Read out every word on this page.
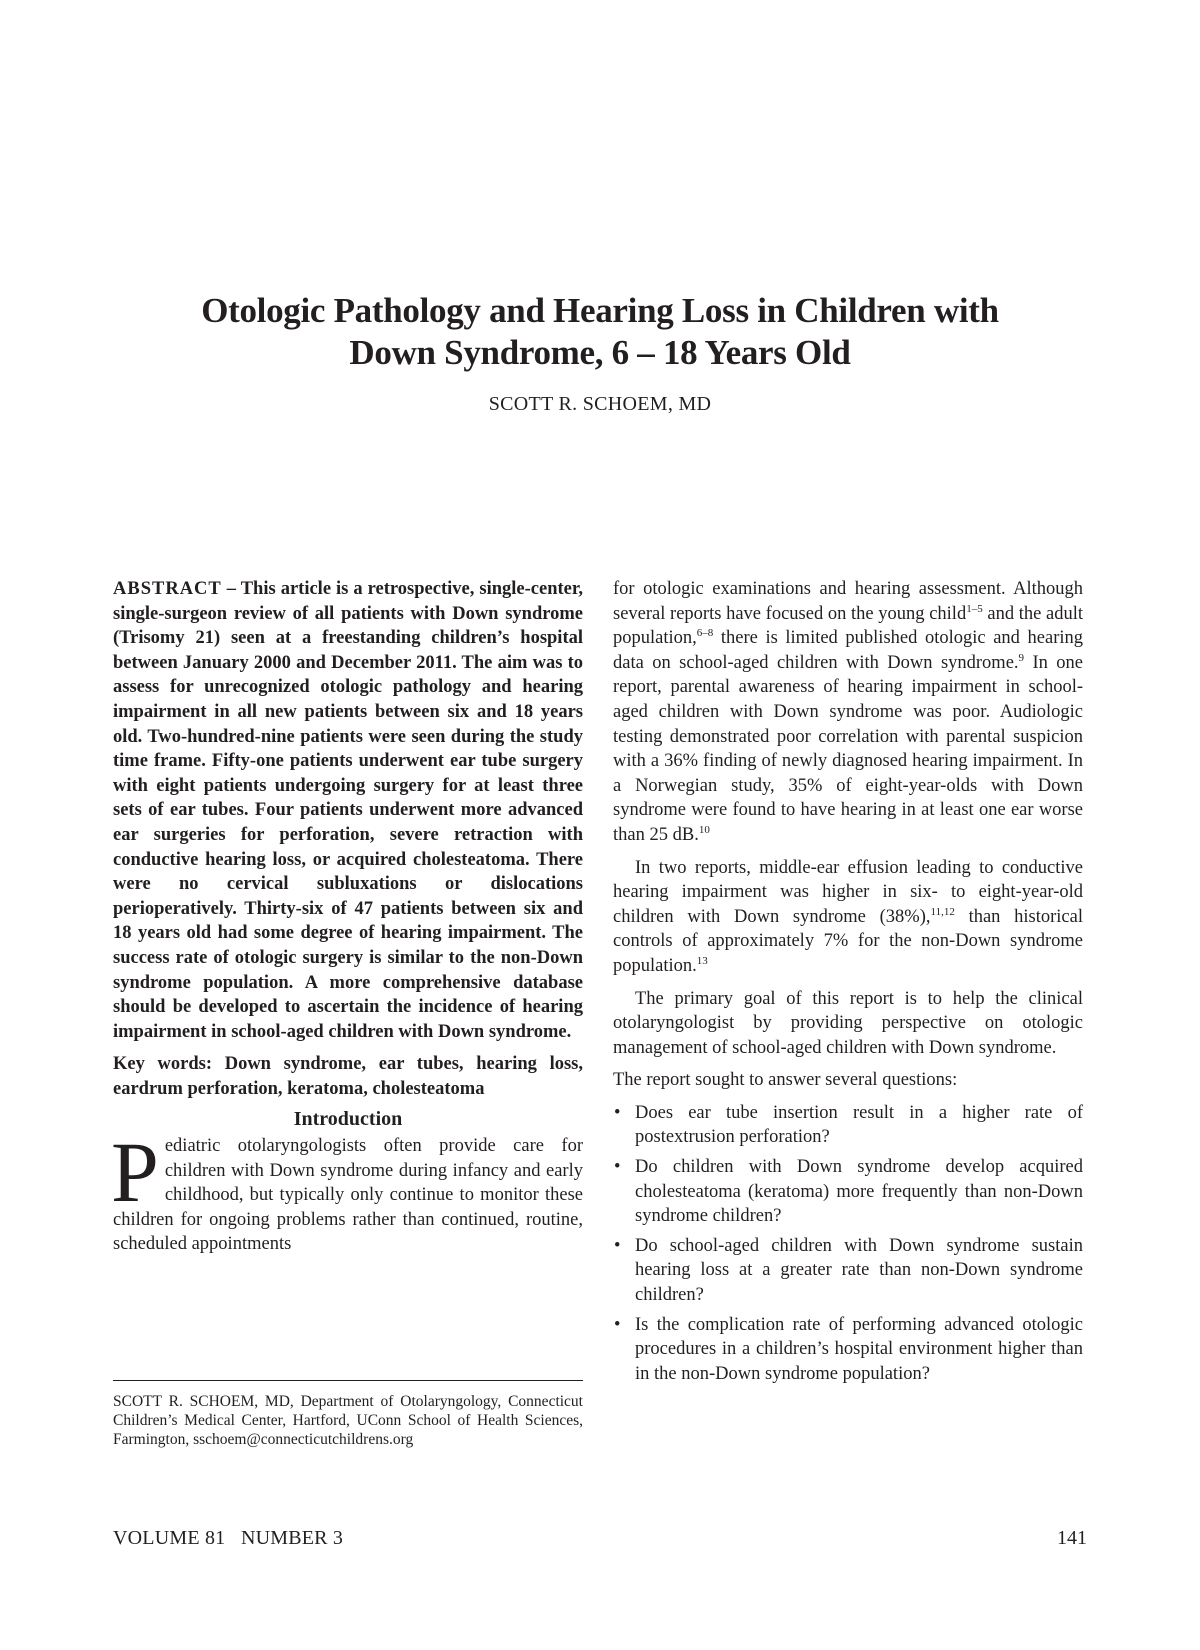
Otologic Pathology and Hearing Loss in Children with
Down Syndrome, 6 – 18 Years Old

SCOTT R. SCHOEM, MD

ABSTRACT – This article is a retrospective, single-center, single-surgeon review of all patients with Down syndrome (Trisomy 21) seen at a freestanding children’s hospital between January 2000 and December 2011. The aim was to assess for unrecognized otologic pathology and hearing impairment in all new patients between six and 18 years old. Two-hundred-nine patients were seen during the study time frame. Fifty-one patients underwent ear tube surgery with eight patients undergoing surgery for at least three sets of ear tubes. Four patients underwent more advanced ear surgeries for perforation, severe retraction with conductive hearing loss, or acquired cholesteatoma. There were no cervical subluxations or dislocations perioperatively. Thirty-six of 47 patients between six and 18 years old had some degree of hearing impairment. The success rate of otologic surgery is similar to the non-Down syndrome population. A more comprehensive database should be developed to ascertain the incidence of hearing impairment in school-aged children with Down syndrome.

Key words: Down syndrome, ear tubes, hearing loss, eardrum perforation, keratoma, cholesteatoma

Introduction

Pediatric otolaryngologists often provide care for children with Down syndrome during infancy and early childhood, but typically only continue to monitor these children for ongoing problems rather than continued, routine, scheduled appointments

for otologic examinations and hearing assessment. Although several reports have focused on the young child$^{1-5}$ and the adult population,$^{6-8}$ there is limited published otologic and hearing data on school-aged children with Down syndrome.$^9$ In one report, parental awareness of hearing impairment in school-aged children with Down syndrome was poor. Audiologic testing demonstrated poor correlation with parental suspicion with a 36% finding of newly diagnosed hearing impairment. In a Norwegian study, 35% of eight-year-olds with Down syndrome were found to have hearing in at least one ear worse than 25 dB.$^{10}$

In two reports, middle-ear effusion leading to conductive hearing impairment was higher in six- to eight-year-old children with Down syndrome (38%),$^{11,12}$ than historical controls of approximately 7% for the non-Down syndrome population.$^{13}$

The primary goal of this report is to help the clinical otolaryngologist by providing perspective on otologic management of school-aged children with Down syndrome.

The report sought to answer several questions:

• Does ear tube insertion result in a higher rate of postextrusion perforation?
• Do children with Down syndrome develop acquired cholesteatoma (keratoma) more frequently than non-Down syndrome children?
• Do school-aged children with Down syndrome sustain hearing loss at a greater rate than non-Down syndrome children?
• Is the complication rate of performing advanced otologic procedures in a children’s hospital environment higher than in the non-Down syndrome population?

SCOTT R. SCHOEM, MD, Department of Otolaryngology, Connecticut Children’s Medical Center, Hartford, UConn School of Health Sciences, Farmington, sschoem@connecticutchildrens.org

VOLUME 81   NUMBER 3	141
